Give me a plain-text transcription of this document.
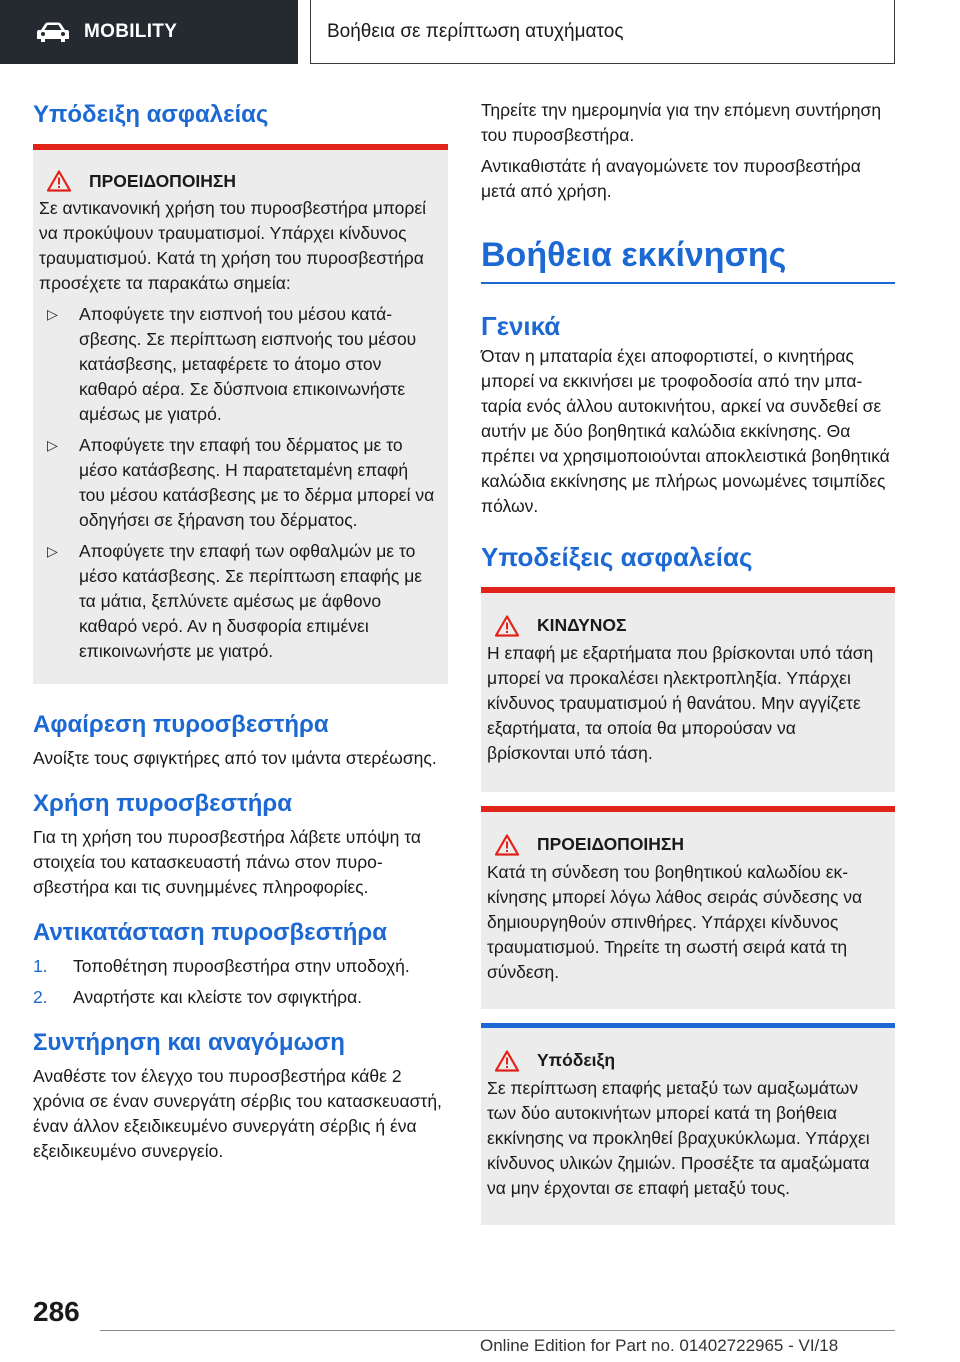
MOBILITY	Βοήθεια σε περίπτωση ατυχήματος
Υπόδειξη ασφαλείας
ΠΡΟΕΙΔΟΠΟΙΗΣΗ
Σε αντικανονική χρήση του πυροσβεστήρα μπορεί να προκύψουν τραυματισμοί. Υπάρχει κίνδυνος τραυματισμού. Κατά τη χρήση του πυροσβεστήρα προσέχετε τα παρακάτω σημεία:
▷	Αποφύγετε την εισπνοή του μέσου κατάσβεσης. Σε περίπτωση εισπνοής του μέσου κατάσβεσης, μεταφέρετε το άτομο στον καθαρό αέρα. Σε δύσπνοια επικοινωνήστε αμέσως με γιατρό.
▷	Αποφύγετε την επαφή του δέρματος με το μέσο κατάσβεσης. Η παρατεταμένη επαφή του μέσου κατάσβεσης με το δέρμα μπορεί να οδηγήσει σε ξήρανση του δέρματος.
▷	Αποφύγετε την επαφή των οφθαλμών με το μέσο κατάσβεσης. Σε περίπτωση επαφής με τα μάτια, ξεπλύνετε αμέσως με άφθονο καθαρό νερό. Αν η δυσφορία επιμένει επικοινωνήστε με γιατρό.
Αφαίρεση πυροσβεστήρα
Ανοίξτε τους σφιγκτήρες από τον ιμάντα στερέωσης.
Χρήση πυροσβεστήρα
Για τη χρήση του πυροσβεστήρα λάβετε υπόψη τα στοιχεία του κατασκευαστή πάνω στον πυροσβεστήρα και τις συνημμένες πληροφορίες.
Αντικατάσταση πυροσβεστήρα
1.	Τοποθέτηση πυροσβεστήρα στην υποδοχή.
2.	Αναρτήστε και κλείστε τον σφιγκτήρα.
Συντήρηση και αναγόμωση
Αναθέστε τον έλεγχο του πυροσβεστήρα κάθε 2 χρόνια σε έναν συνεργάτη σέρβις του κατασκευαστή, έναν άλλον εξειδικευμένο συνεργάτη σέρβις ή ένα εξειδικευμένο συνεργείο.
Τηρείτε την ημερομηνία για την επόμενη συντήρηση του πυροσβεστήρα.
Αντικαθιστάτε ή αναγομώνετε τον πυροσβεστήρα μετά από χρήση.
Βοήθεια εκκίνησης
Γενικά
Όταν η μπαταρία έχει αποφορτιστεί, ο κινητήρας μπορεί να εκκινήσει με τροφοδοσία από την μπαταρία ενός άλλου αυτοκινήτου, αρκεί να συνδεθεί σε αυτήν με δύο βοηθητικά καλώδια εκκίνησης. Θα πρέπει να χρησιμοποιούνται αποκλειστικά βοηθητικά καλώδια εκκίνησης με πλήρως μονωμένες τσιμπίδες πόλων.
Υποδείξεις ασφαλείας
ΚΙΝΔΥΝΟΣ
Η επαφή με εξαρτήματα που βρίσκονται υπό τάση μπορεί να προκαλέσει ηλεκτροπληξία. Υπάρχει κίνδυνος τραυματισμού ή θανάτου. Μην αγγίζετε εξαρτήματα, τα οποία θα μπορούσαν να βρίσκονται υπό τάση.
ΠΡΟΕΙΔΟΠΟΙΗΣΗ
Κατά τη σύνδεση του βοηθητικού καλωδίου εκκίνησης μπορεί λόγω λάθος σειράς σύνδεσης να δημιουργηθούν σπινθήρες. Υπάρχει κίνδυνος τραυματισμού. Τηρείτε τη σωστή σειρά κατά τη σύνδεση.
Υπόδειξη
Σε περίπτωση επαφής μεταξύ των αμαξωμάτων των δύο αυτοκινήτων μπορεί κατά τη βοήθεια εκκίνησης να προκληθεί βραχυκύκλωμα. Υπάρχει κίνδυνος υλικών ζημιών. Προσέξτε τα αμαξώματα να μην έρχονται σε επαφή μεταξύ τους.
286
Online Edition for Part no. 01402722965 - VI/18
